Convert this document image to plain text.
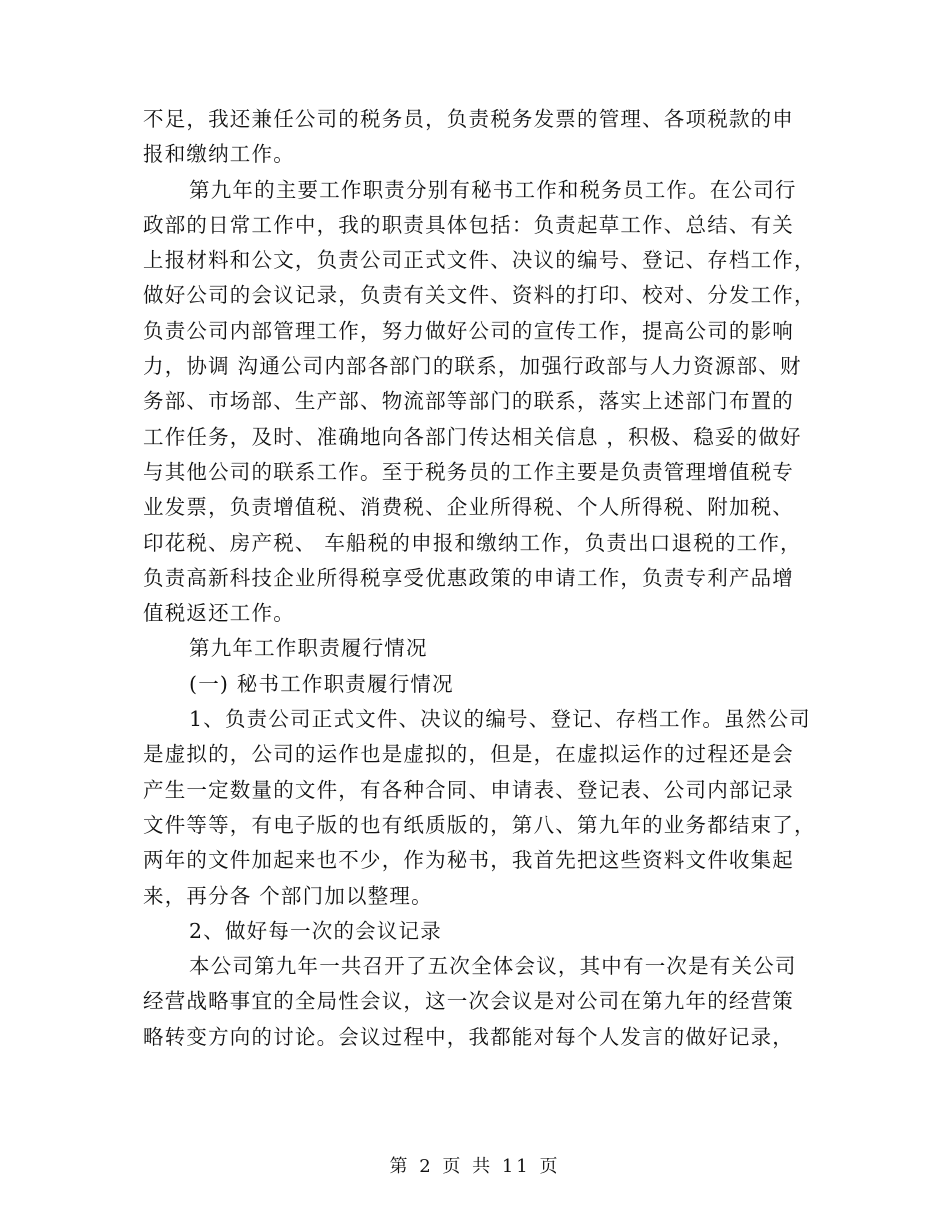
不足，我还兼任公司的税务员，负责税务发票的管理、各项税款的申
报和缴纳工作。
第九年的主要工作职责分别有秘书工作和税务员工作。在公司行
政部的日常工作中，我的职责具体包括：负责起草工作、总结、有关
上报材料和公文，负责公司正式文件、决议的编号、登记、存档工作，
做好公司的会议记录，负责有关文件、资料的打印、校对、分发工作，
负责公司内部管理工作，努力做好公司的宣传工作，提高公司的影响
力，协调 沟通公司内部各部门的联系，加强行政部与人力资源部、财
务部、市场部、生产部、物流部等部门的联系，落实上述部门布置的
工作任务，及时、准确地向各部门传达相关信息 ，积极、稳妥的做好
与其他公司的联系工作。至于税务员的工作主要是负责管理增值税专
业发票，负责增值税、消费税、企业所得税、个人所得税、附加税、
印花税、房产税、 车船税的申报和缴纳工作，负责出口退税的工作，
负责高新科技企业所得税享受优惠政策的申请工作，负责专利产品增
值税返还工作。
第九年工作职责履行情况
(一) 秘书工作职责履行情况
1、负责公司正式文件、决议的编号、登记、存档工作。虽然公司
是虚拟的，公司的运作也是虚拟的，但是，在虚拟运作的过程还是会
产生一定数量的文件，有各种合同、申请表、登记表、公司内部记录
文件等等，有电子版的也有纸质版的，第八、第九年的业务都结束了，
两年的文件加起来也不少，作为秘书，我首先把这些资料文件收集起
来，再分各 个部门加以整理。
2、做好每一次的会议记录
本公司第九年一共召开了五次全体会议，其中有一次是有关公司
经营战略事宜的全局性会议，这一次会议是对公司在第九年的经营策
略转变方向的讨论。会议过程中，我都能对每个人发言的做好记录，
第 2 页 共 11 页
